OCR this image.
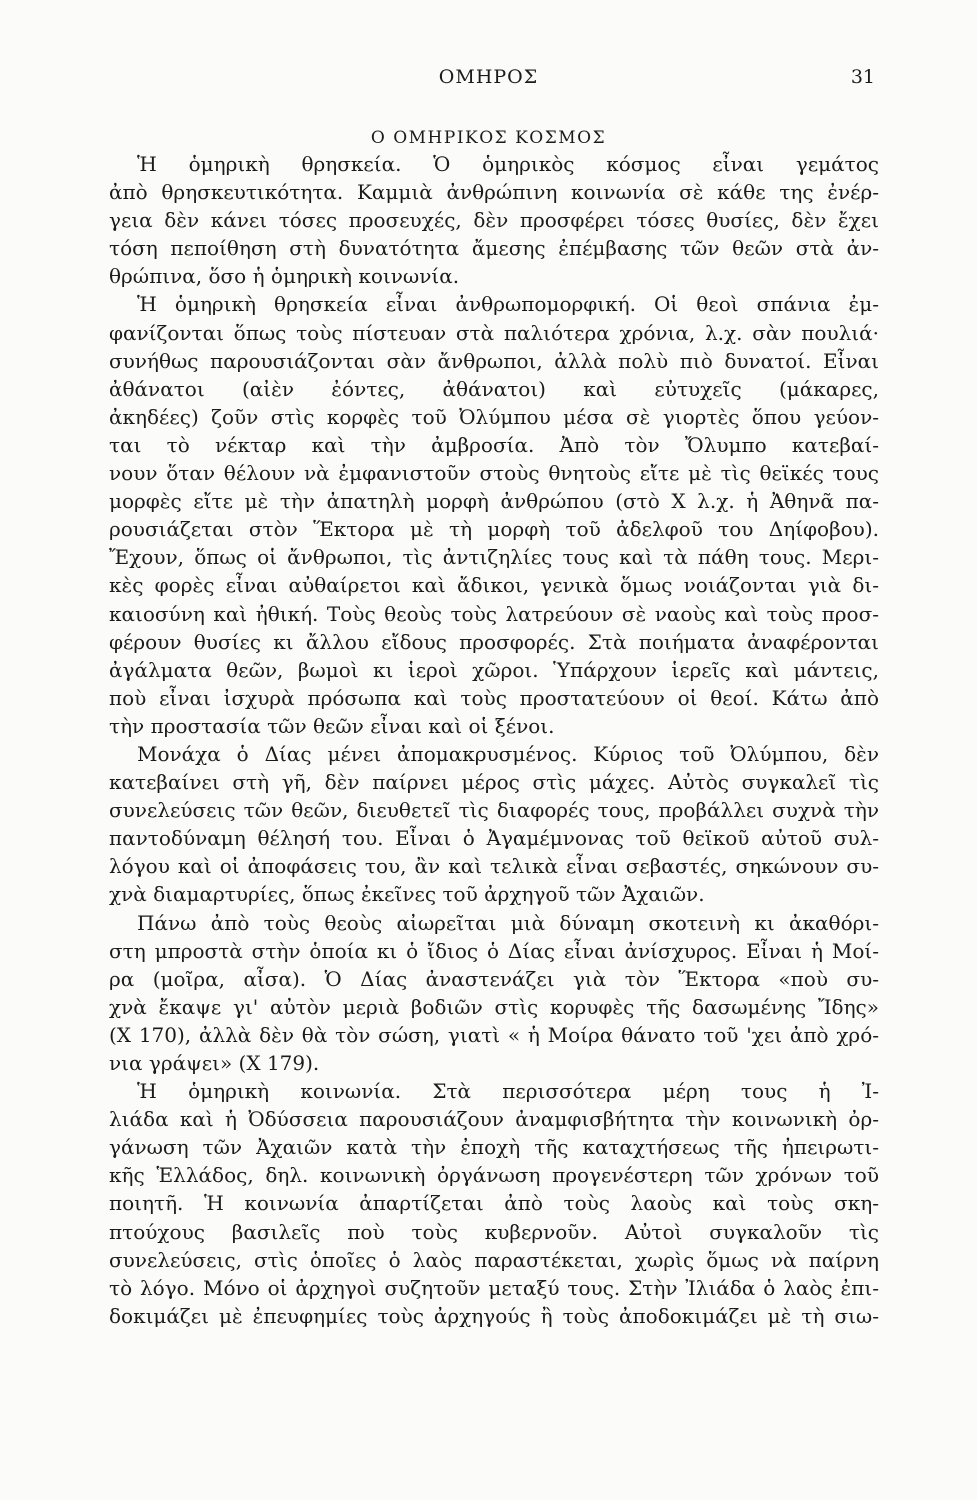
ΟΜΗΡΟΣ	31
Ο ΟΜΗΡΙΚΟΣ ΚΟΣΜΟΣ
Ἡ ὁμηρικὴ θρησκεία. Ὁ ὁμηρικὸς κόσμος εἶναι γεμάτος
ἀπὸ θρησκευτικότητα. Καμμιὰ ἀνθρώπινη κοινωνία σὲ κάθε της ἐνέρ-
γεια δὲν κάνει τόσες προσευχές, δὲν προσφέρει τόσες θυσίες, δὲν ἔχει
τόση πεποίθηση στὴ δυνατότητα ἄμεσης ἐπέμβασης τῶν θεῶν στὰ ἀν-
θρώπινα, ὅσο ἡ ὁμηρικὴ κοινωνία.
Ἡ ὁμηρικὴ θρησκεία εἶναι ἀνθρωπομορφική. Οἱ θεοὶ σπάνια ἐμ-
φανίζονται ὅπως τοὺς πίστευαν στὰ παλιότερα χρόνια, λ.χ. σὰν πουλιά·
συνήθως παρουσιάζονται σὰν ἄνθρωποι, ἀλλὰ πολὺ πιὸ δυνατοί. Εἶναι
ἀθάνατοι (αἰὲν ἐόντες, ἀθάνατοι) καὶ εὐτυχεῖς (μάκαρες,
ἀκηδέες) ζοῦν στὶς κορφὲς τοῦ Ὀλύμπου μέσα σὲ γιορτὲς ὅπου γεύον-
ται τὸ νέκταρ καὶ τὴν ἀμβροσία. Ἀπὸ τὸν Ὄλυμπο κατεβαί-
νουν ὅταν θέλουν νὰ ἐμφανιστοῦν στοὺς θνητοὺς εἴτε μὲ τὶς θεϊκές τους
μορφὲς εἴτε μὲ τὴν ἀπατηλὴ μορφὴ ἀνθρώπου (στὸ Χ λ.χ. ἡ Ἀθηνᾶ πα-
ρουσιάζεται στὸν Ἕκτορα μὲ τὴ μορφὴ τοῦ ἀδελφοῦ του Δηίφοβου).
Ἔχουν, ὅπως οἱ ἄνθρωποι, τὶς ἀντιζηλίες τους καὶ τὰ πάθη τους. Μερι-
κὲς φορὲς εἶναι αὐθαίρετοι καὶ ἄδικοι, γενικὰ ὅμως νοιάζονται γιὰ δι-
καιοσύνη καὶ ἠθική. Τοὺς θεοὺς τοὺς λατρεύουν σὲ ναοὺς καὶ τοὺς προσ-
φέρουν θυσίες κι ἄλλου εἴδους προσφορές. Στὰ ποιήματα ἀναφέρονται
ἀγάλματα θεῶν, βωμοὶ κι ἱεροὶ χῶροι. Ὑπάρχουν ἱερεῖς καὶ μάντεις,
ποὺ εἶναι ἰσχυρὰ πρόσωπα καὶ τοὺς προστατεύουν οἱ θεοί. Κάτω ἀπὸ
τὴν προστασία τῶν θεῶν εἶναι καὶ οἱ ξένοι.
Μονάχα ὁ Δίας μένει ἀπομακρυσμένος. Κύριος τοῦ Ὀλύμπου, δὲν
κατεβαίνει στὴ γῆ, δὲν παίρνει μέρος στὶς μάχες. Αὐτὸς συγκαλεῖ τὶς
συνελεύσεις τῶν θεῶν, διευθετεῖ τὶς διαφορές τους, προβάλλει συχνὰ τὴν
παντοδύναμη θέλησή του. Εἶναι ὁ Ἀγαμέμνονας τοῦ θεϊκοῦ αὐτοῦ συλ-
λόγου καὶ οἱ ἀποφάσεις του, ἂν καὶ τελικὰ εἶναι σεβαστές, σηκώνουν συ-
χνὰ διαμαρτυρίες, ὅπως ἐκεῖνες τοῦ ἀρχηγοῦ τῶν Ἀχαιῶν.
Πάνω ἀπὸ τοὺς θεοὺς αἰωρεῖται μιὰ δύναμη σκοτεινὴ κι ἀκαθόρι-
στη μπροστὰ στὴν ὁποία κι ὁ ἴδιος ὁ Δίας εἶναι ἀνίσχυρος. Εἶναι ἡ Μοί-
ρα (μοῖρα, αἶσα). Ὁ Δίας ἀναστενάζει γιὰ τὸν Ἕκτορα «ποὺ συ-
χνὰ ἔκαψε γι' αὐτὸν μεριὰ βοδιῶν στὶς κορυφὲς τῆς δασωμένης Ἴδης»
(Χ 170), ἀλλὰ δὲν θὰ τὸν σώση, γιατὶ « ἡ Μοίρα θάνατο τοῦ 'χει ἀπὸ χρό-
νια γράψει» (Χ 179).
Ἡ ὁμηρικὴ κοινωνία. Στὰ περισσότερα μέρη τους ἡ Ἰ-
λιάδα καὶ ἡ Ὀδύσσεια παρουσιάζουν ἀναμφισβήτητα τὴν κοινωνικὴ ὀρ-
γάνωση τῶν Ἀχαιῶν κατὰ τὴν ἐποχὴ τῆς καταχτήσεως τῆς ἠπειρωτι-
κῆς Ἑλλάδος, δηλ. κοινωνικὴ ὀργάνωση προγενέστερη τῶν χρόνων τοῦ
ποιητῆ. Ἡ κοινωνία ἀπαρτίζεται ἀπὸ τοὺς λαοὺς καὶ τοὺς σκη-
πτούχους βασιλεῖς ποὺ τοὺς κυβερνοῦν. Αὐτοὶ συγκαλοῦν τὶς
συνελεύσεις, στὶς ὁποῖες ὁ λαὸς παραστέκεται, χωρὶς ὅμως νὰ παίρνη
τὸ λόγο. Μόνο οἱ ἀρχηγοὶ συζητοῦν μεταξύ τους. Στὴν Ἰλιάδα ὁ λαὸς ἐπι-
δοκιμάζει μὲ ἐπευφημίες τοὺς ἀρχηγούς ἢ τοὺς ἀποδοκιμάζει μὲ τὴ σιω-
